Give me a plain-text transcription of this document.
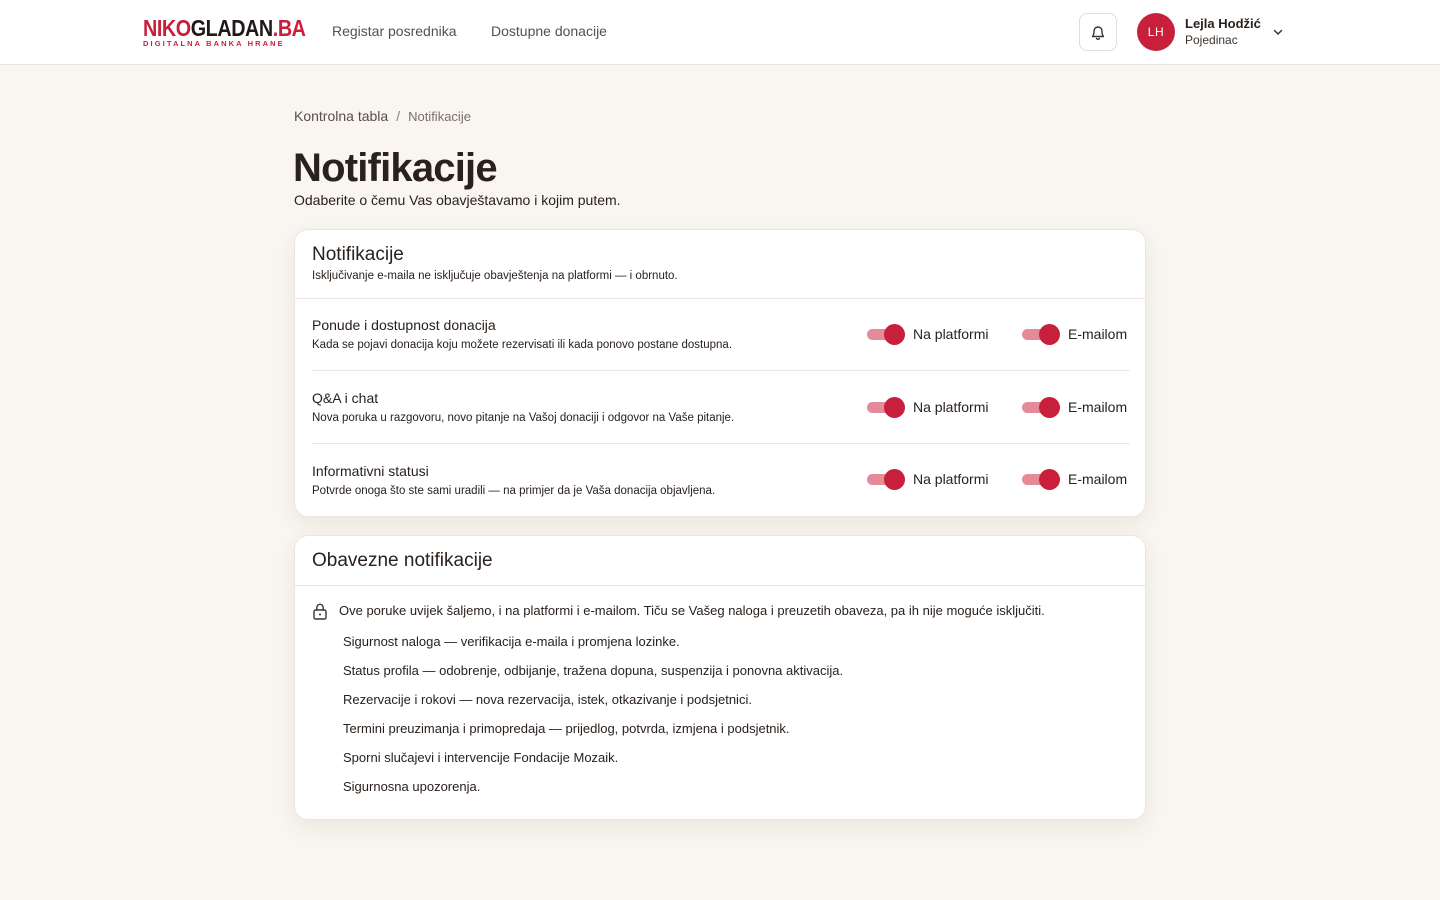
NIKOGLADAN.BA
DIGITALNA BANKA HRANE
Registar posrednika Dostupne donacije	LH
Lejla Hodžić
Pojedinac
Kontrolna tabla / Notifikacije
Notifikacije

Odaberite o čemu Vas obavještavamo i kojim putem.

Notifikacije
Isključivanje e-maila ne isključuje obavještenja na platformi — i obrnuto.
Ponude i dostupnost donacija
Kada se pojavi donacija koju možete rezervisati ili kada ponovo postane dostupna.
Na platformi	E-mailom
Q&A i chat
Nova poruka u razgovoru, novo pitanje na Vašoj donaciji i odgovor na Vaše pitanje.
Na platformi	E-mailom
Informativni statusi
Potvrde onoga što ste sami uradili — na primjer da je Vaša donacija objavljena.
Na platformi	E-mailom
Obavezne notifikacije
Ove poruke uvijek šaljemo, i na platformi i e-mailom. Tiču se Vašeg naloga i preuzetih obaveza, pa ih nije moguće isključiti.
Sigurnost naloga — verifikacija e-maila i promjena lozinke.
Status profila — odobrenje, odbijanje, tražena dopuna, suspenzija i ponovna aktivacija.
Rezervacije i rokovi — nova rezervacija, istek, otkazivanje i podsjetnici.
Termini preuzimanja i primopredaja — prijedlog, potvrda, izmjena i podsjetnik.
Sporni slučajevi i intervencije Fondacije Mozaik.
Sigurnosna upozorenja.
